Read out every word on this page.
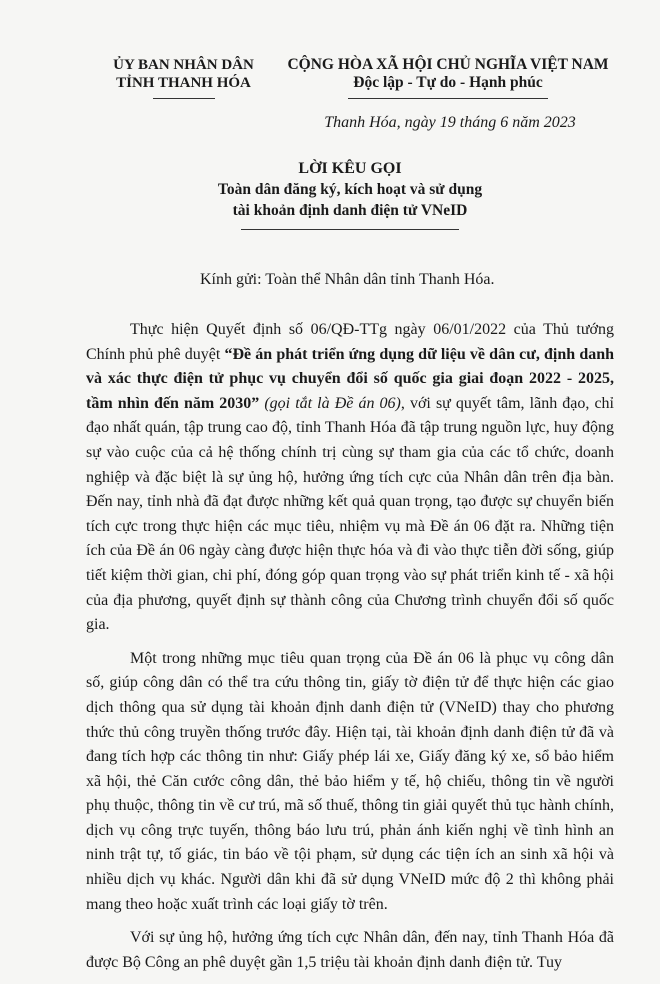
ỦY BAN NHÂN DÂN
TỈNH THANH HÓA
CỘNG HÒA XÃ HỘI CHỦ NGHĨA VIỆT NAM
Độc lập - Tự do - Hạnh phúc
Thanh Hóa, ngày 19 tháng 6 năm 2023
LỜI KÊU GỌI
Toàn dân đăng ký, kích hoạt và sử dụng
tài khoản định danh điện tử VNeID
Kính gửi: Toàn thể Nhân dân tỉnh Thanh Hóa.

Thực hiện Quyết định số 06/QĐ-TTg ngày 06/01/2022 của Thủ tướng Chính phủ phê duyệt “Đề án phát triển ứng dụng dữ liệu về dân cư, định danh và xác thực điện tử phục vụ chuyển đổi số quốc gia giai đoạn 2022 - 2025, tầm nhìn đến năm 2030” (gọi tắt là Đề án 06), với sự quyết tâm, lãnh đạo, chỉ đạo nhất quán, tập trung cao độ, tỉnh Thanh Hóa đã tập trung nguồn lực, huy động sự vào cuộc của cả hệ thống chính trị cùng sự tham gia của các tổ chức, doanh nghiệp và đặc biệt là sự ủng hộ, hưởng ứng tích cực của Nhân dân trên địa bàn. Đến nay, tỉnh nhà đã đạt được những kết quả quan trọng, tạo được sự chuyển biến tích cực trong thực hiện các mục tiêu, nhiệm vụ mà Đề án 06 đặt ra. Những tiện ích của Đề án 06 ngày càng được hiện thực hóa và đi vào thực tiễn đời sống, giúp tiết kiệm thời gian, chi phí, đóng góp quan trọng vào sự phát triển kinh tế - xã hội của địa phương, quyết định sự thành công của Chương trình chuyển đổi số quốc gia.

Một trong những mục tiêu quan trọng của Đề án 06 là phục vụ công dân số, giúp công dân có thể tra cứu thông tin, giấy tờ điện tử để thực hiện các giao dịch thông qua sử dụng tài khoản định danh điện tử (VNeID) thay cho phương thức thủ công truyền thống trước đây. Hiện tại, tài khoản định danh điện tử đã và đang tích hợp các thông tin như: Giấy phép lái xe, Giấy đăng ký xe, sổ bảo hiểm xã hội, thẻ Căn cước công dân, thẻ bảo hiểm y tế, hộ chiếu, thông tin về người phụ thuộc, thông tin về cư trú, mã số thuế, thông tin giải quyết thủ tục hành chính, dịch vụ công trực tuyến, thông báo lưu trú, phản ánh kiến nghị về tình hình an ninh trật tự, tố giác, tin báo về tội phạm, sử dụng các tiện ích an sinh xã hội và nhiều dịch vụ khác. Người dân khi đã sử dụng VNeID mức độ 2 thì không phải mang theo hoặc xuất trình các loại giấy tờ trên.

Với sự ủng hộ, hưởng ứng tích cực Nhân dân, đến nay, tỉnh Thanh Hóa đã được Bộ Công an phê duyệt gần 1,5 triệu tài khoản định danh điện tử. Tuy
